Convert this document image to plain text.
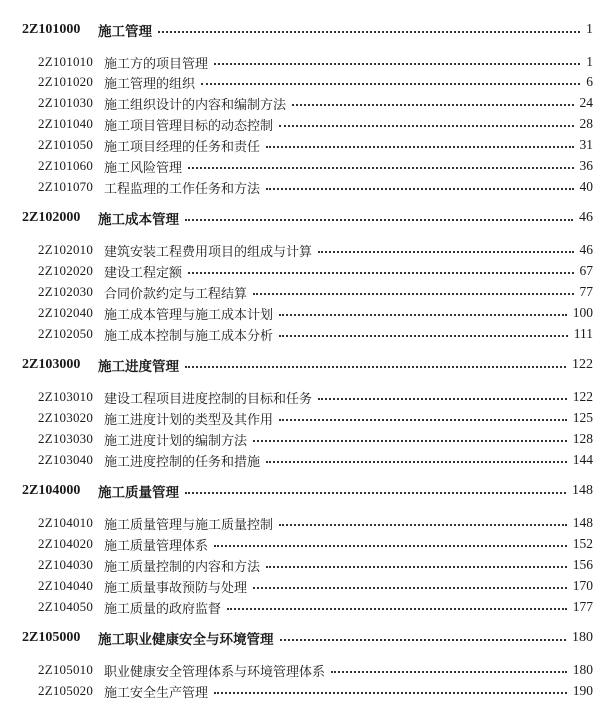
2Z101000	施工管理	1
2Z101010 施工方的项目管理	1
2Z101020 施工管理的组织	6
2Z101030 施工组织设计的内容和编制方法	24
2Z101040 施工项目管理目标的动态控制	28
2Z101050 施工项目经理的任务和责任	31
2Z101060 施工风险管理	36
2Z101070 工程监理的工作任务和方法	40
2Z102000	施工成本管理	46
2Z102010 建筑安装工程费用项目的组成与计算	46
2Z102020 建设工程定额	67
2Z102030 合同价款约定与工程结算	77
2Z102040 施工成本管理与施工成本计划	100
2Z102050 施工成本控制与施工成本分析	111
2Z103000	施工进度管理	122
2Z103010 建设工程项目进度控制的目标和任务	122
2Z103020 施工进度计划的类型及其作用	125
2Z103030 施工进度计划的编制方法	128
2Z103040 施工进度控制的任务和措施	144
2Z104000	施工质量管理	148
2Z104010 施工质量管理与施工质量控制	148
2Z104020 施工质量管理体系	152
2Z104030 施工质量控制的内容和方法	156
2Z104040 施工质量事故预防与处理	170
2Z104050 施工质量的政府监督	177
2Z105000	施工职业健康安全与环境管理	180
2Z105010 职业健康安全管理体系与环境管理体系	180
2Z105020 施工安全生产管理	190
